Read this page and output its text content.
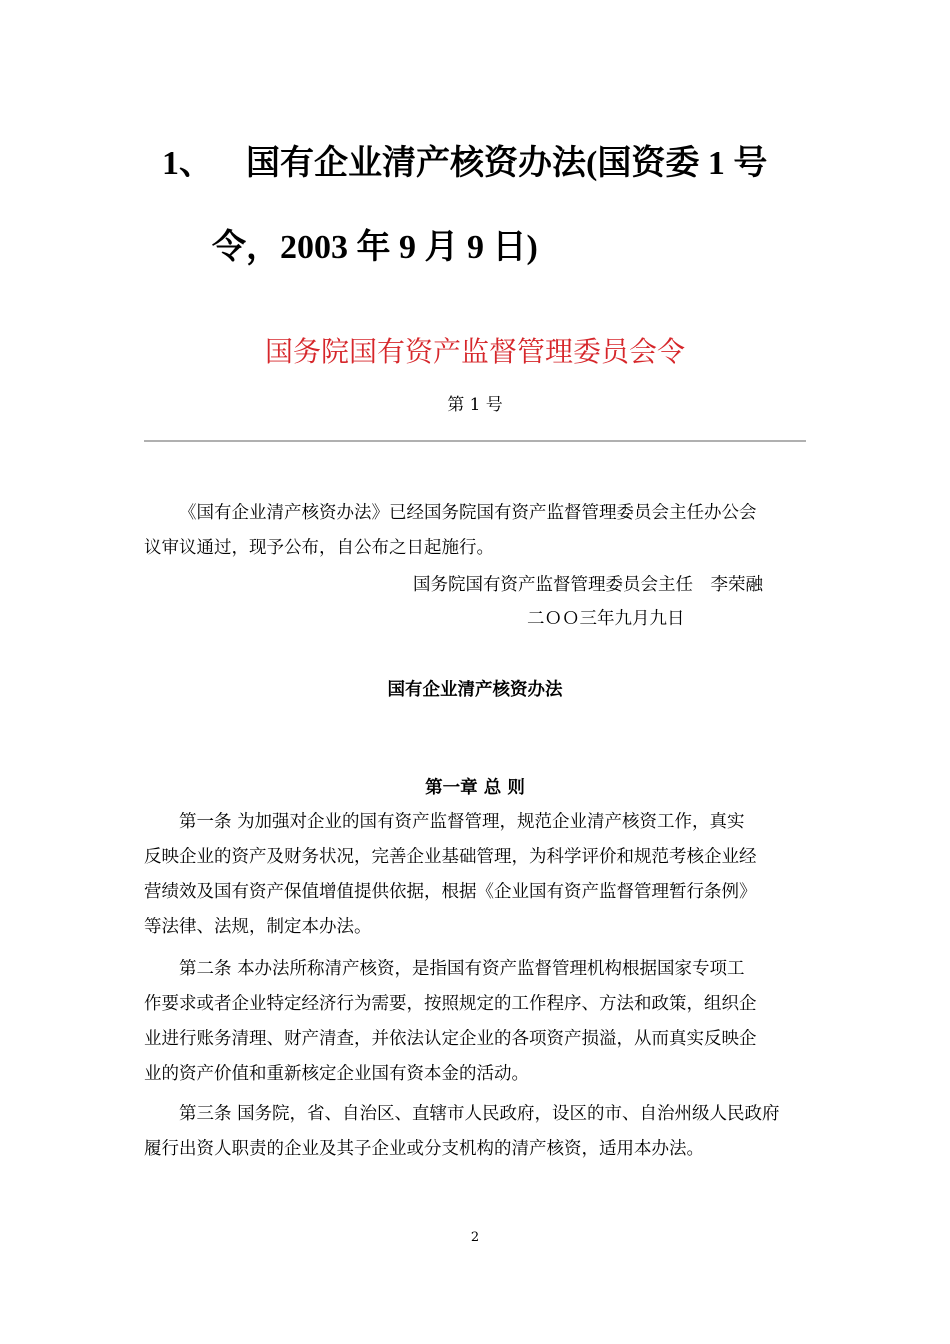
1、 国有企业清产核资办法(国资委 1 号
令，2003 年 9 月 9 日)
国务院国有资产监督管理委员会令
第 1 号
《国有企业清产核资办法》已经国务院国有资产监督管理委员会主任办公会
议审议通过，现予公布，自公布之日起施行。
国务院国有资产监督管理委员会主任　李荣融
二ＯＯ三年九月九日
国有企业清产核资办法
第一章 总 则
第一条 为加强对企业的国有资产监督管理，规范企业清产核资工作，真实
反映企业的资产及财务状况，完善企业基础管理，为科学评价和规范考核企业经
营绩效及国有资产保值增值提供依据，根据《企业国有资产监督管理暂行条例》
等法律、法规，制定本办法。
第二条 本办法所称清产核资，是指国有资产监督管理机构根据国家专项工
作要求或者企业特定经济行为需要，按照规定的工作程序、方法和政策，组织企
业进行账务清理、财产清查，并依法认定企业的各项资产损溢，从而真实反映企
业的资产价值和重新核定企业国有资本金的活动。
第三条 国务院，省、自治区、直辖市人民政府，设区的市、自治州级人民政府
履行出资人职责的企业及其子企业或分支机构的清产核资，适用本办法。
2
